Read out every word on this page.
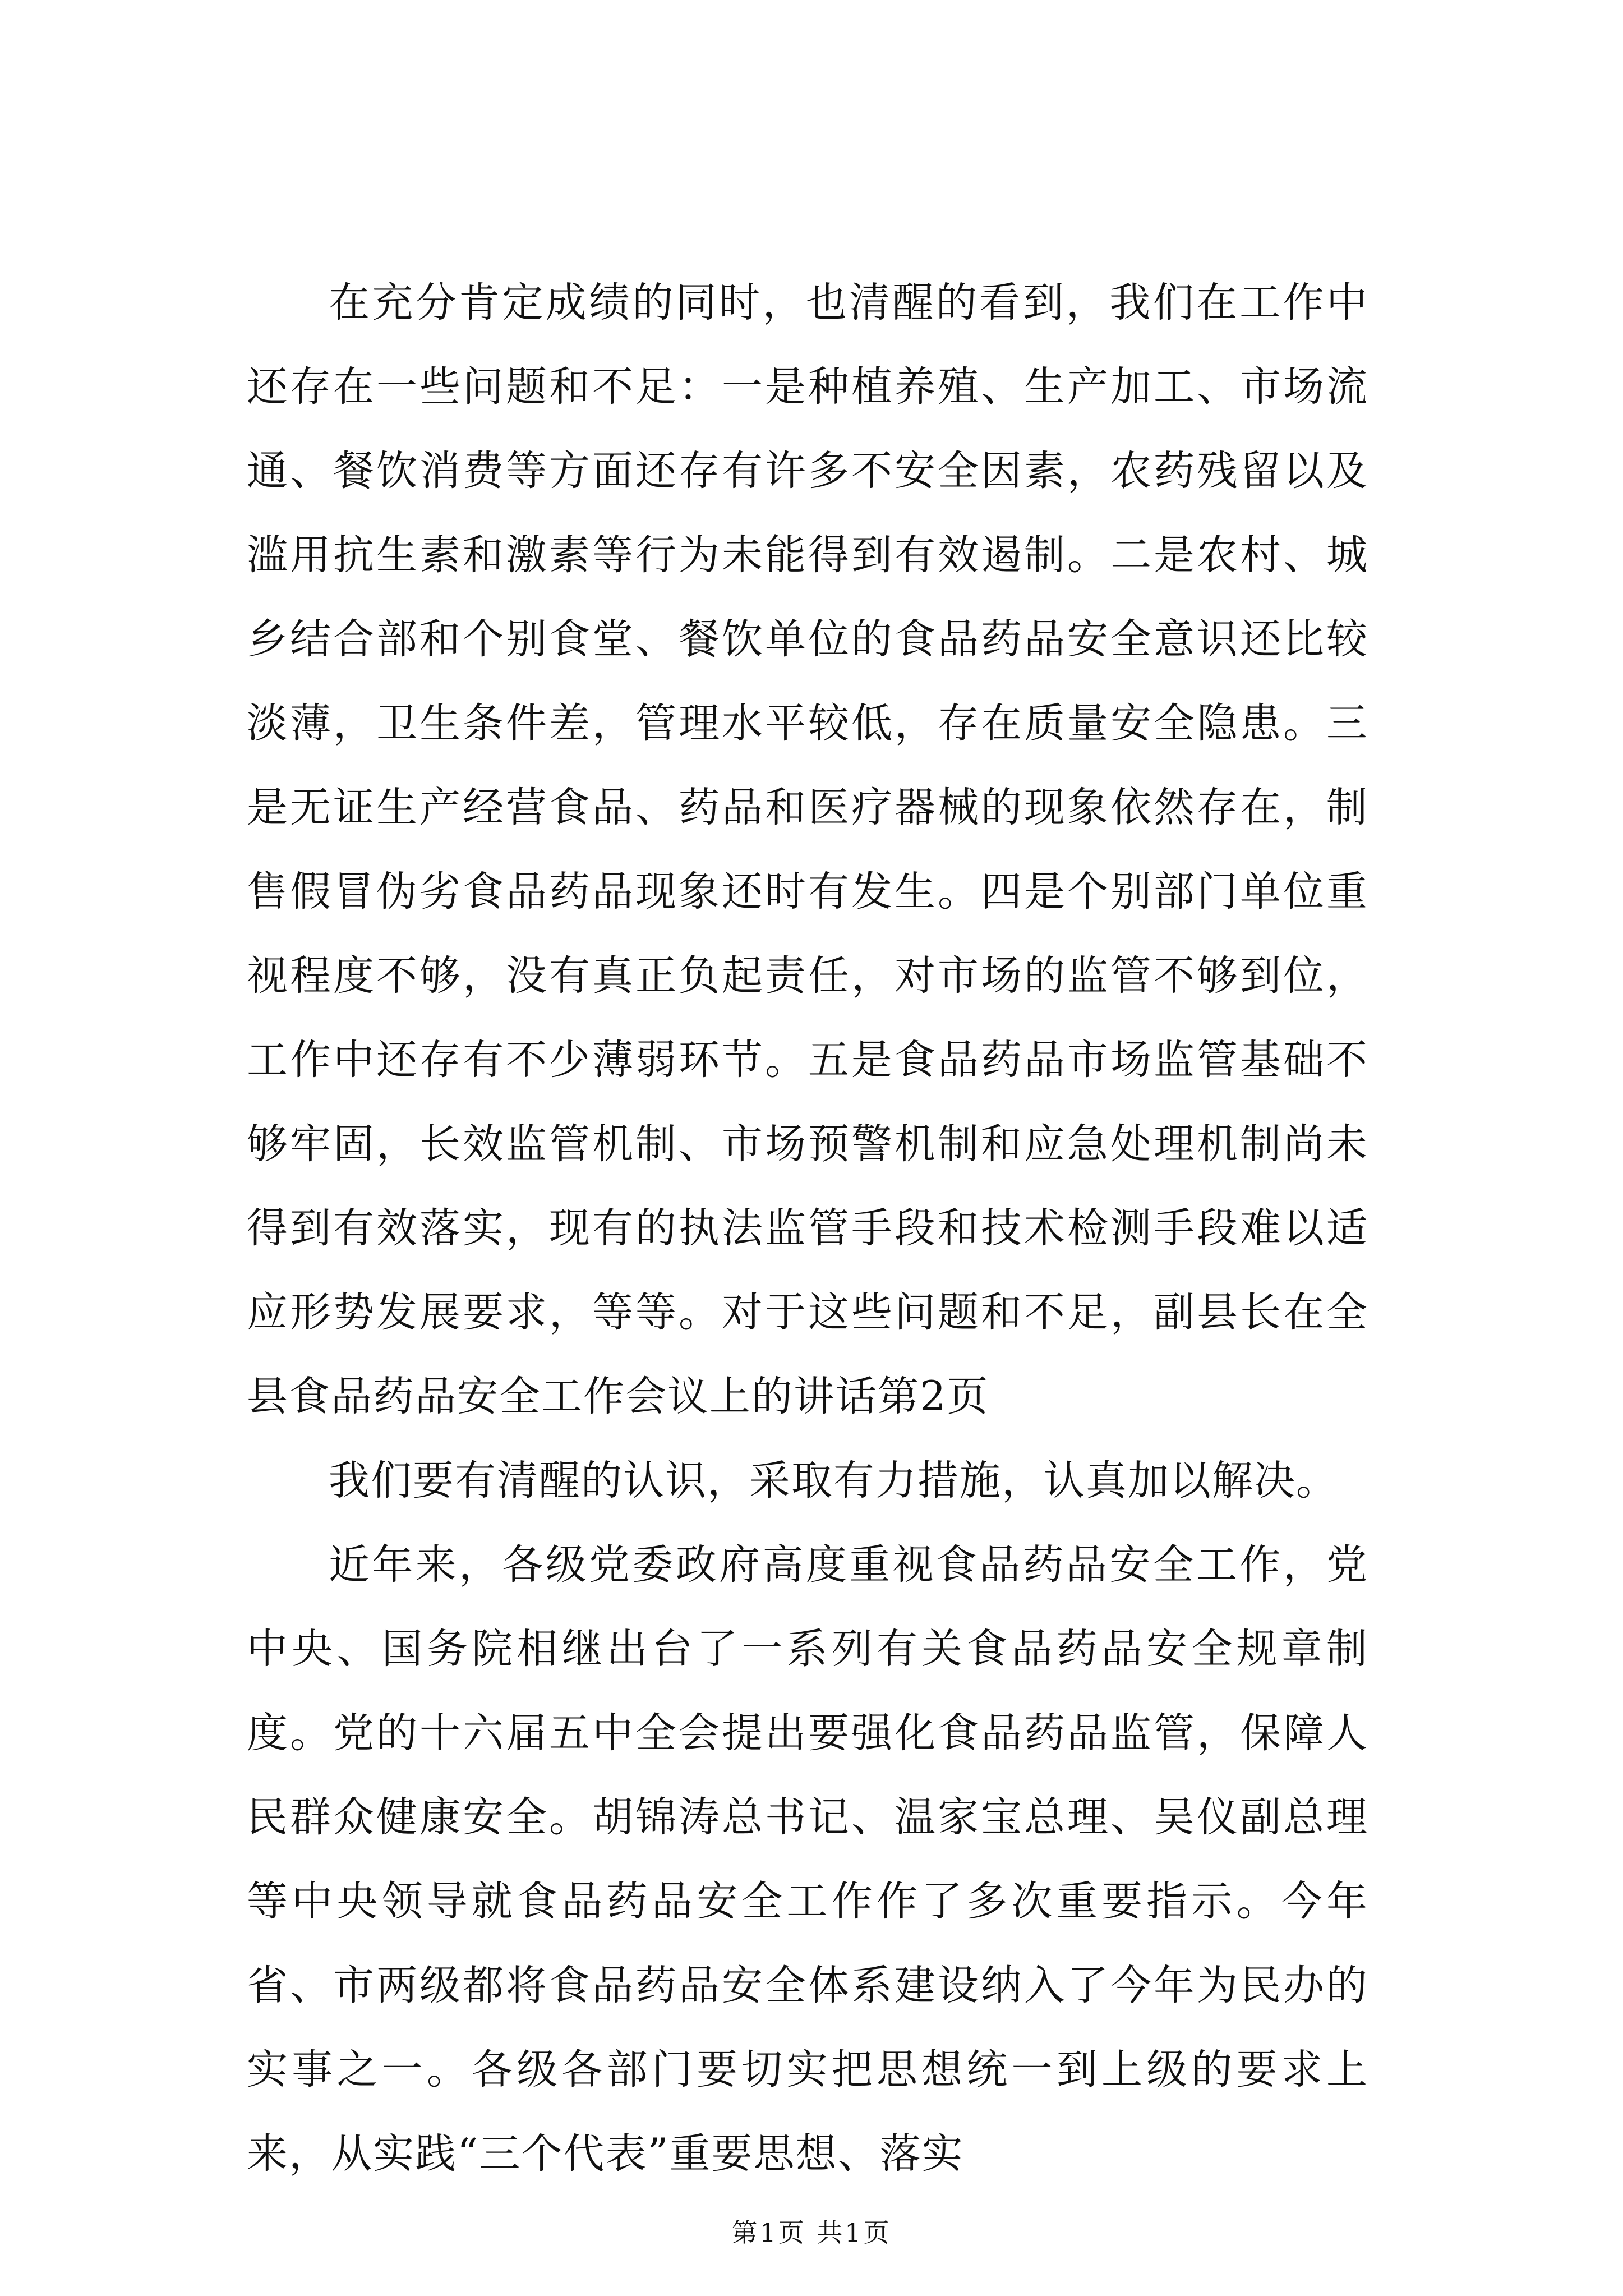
在充分肯定成绩的同时，也清醒的看到，我们在工作中还存在一些问题和不足：一是种植养殖、生产加工、市场流通、餐饮消费等方面还存有许多不安全因素，农药残留以及滥用抗生素和激素等行为未能得到有效遏制。二是农村、城乡结合部和个别食堂、餐饮单位的食品药品安全意识还比较淡薄，卫生条件差，管理水平较低，存在质量安全隐患。三是无证生产经营食品、药品和医疗器械的现象依然存在，制售假冒伪劣食品药品现象还时有发生。四是个别部门单位重视程度不够，没有真正负起责任，对市场的监管不够到位，工作中还存有不少薄弱环节。五是食品药品市场监管基础不够牢固，长效监管机制、市场预警机制和应急处理机制尚未得到有效落实，现有的执法监管手段和技术检测手段难以适应形势发展要求，等等。对于这些问题和不足，副县长在全县食品药品安全工作会议上的讲话第2页

我们要有清醒的认识，采取有力措施，认真加以解决。

近年来，各级党委政府高度重视食品药品安全工作，党中央、国务院相继出台了一系列有关食品药品安全规章制度。党的十六届五中全会提出要强化食品药品监管，保障人民群众健康安全。胡锦涛总书记、温家宝总理、吴仪副总理等中央领导就食品药品安全工作作了多次重要指示。今年省、市两级都将食品药品安全体系建设纳入了今年为民办的实事之一。各级各部门要切实把思想统一到上级的要求上来，从实践“三个代表”重要思想、落实

第1页 共1页
